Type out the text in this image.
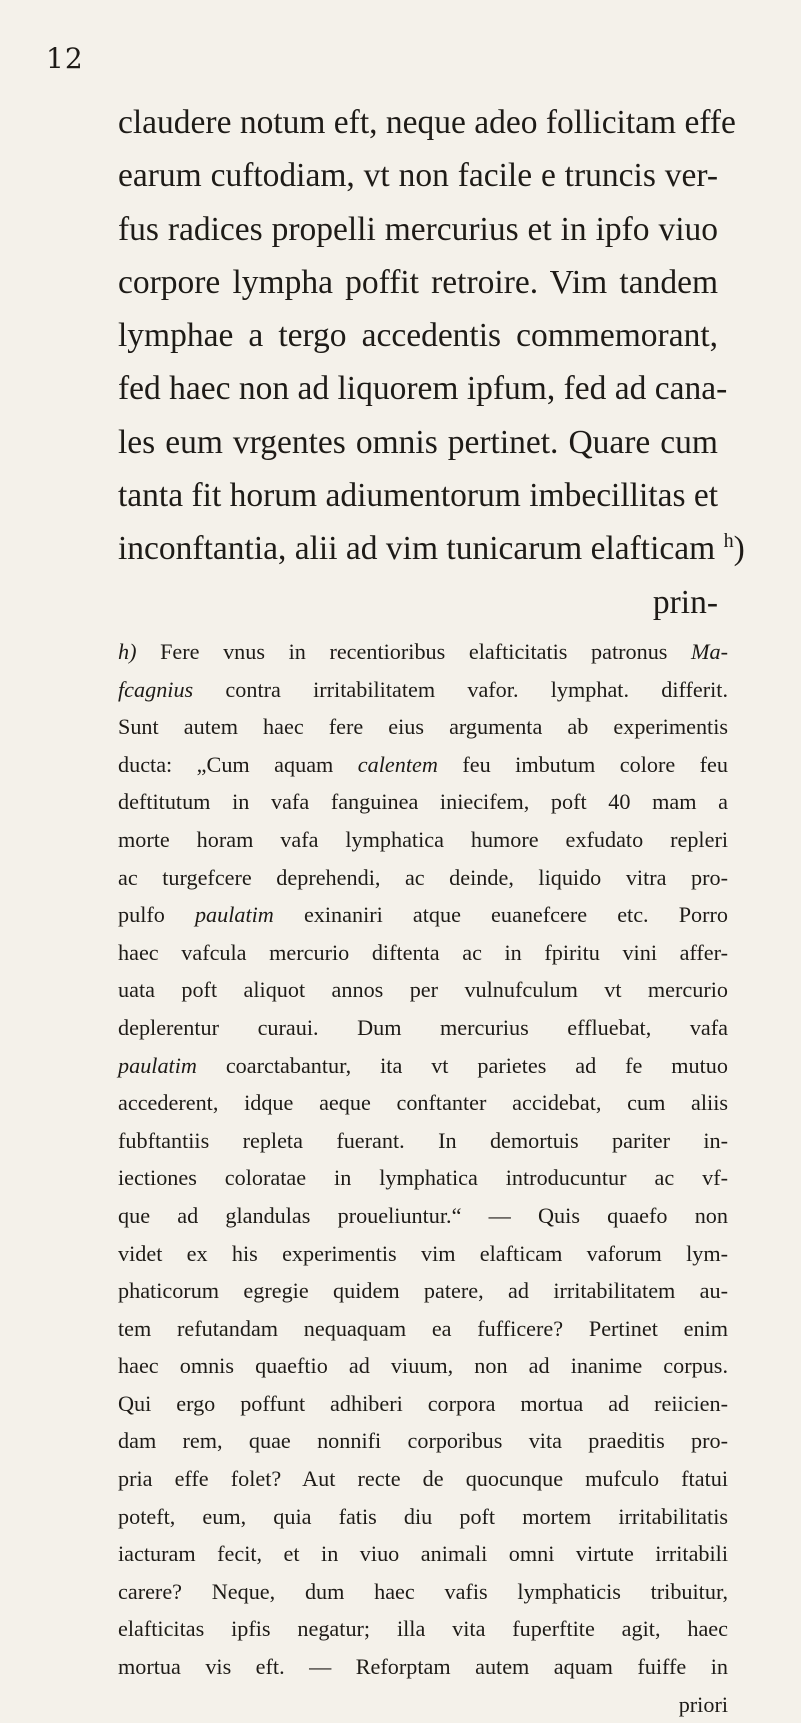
12
claudere notum eft, neque adeo follicitam effe
earum cuftodiam, vt non facile e truncis ver-
fus radices propelli mercurius et in ipfo viuo
corpore lympha poffit retroire. Vim tandem
lymphae a tergo accedentis commemorant,
fed haec non ad liquorem ipfum, fed ad cana-
les eum vrgentes omnis pertinet. Quare cum
tanta fit horum adiumentorum imbecillitas et
inconftantia, alii ad vim tunicarum elafticam $^h$)
prin-
h) Fere vnus in recentioribus elafticitatis patronus Ma-
fcagnius contra irritabilitatem vafor. lymphat. differit.
Sunt autem haec fere eius argumenta ab experimentis
ducta: „Cum aquam calentem feu imbutum colore feu
deftitutum in vafa fanguinea iniecifem, poft 40 mam a
morte horam vafa lymphatica humore exfudato repleri
ac turgefcere deprehendi, ac deinde, liquido vitra pro-
pulfo paulatim exinaniri atque euanefcere etc. Porro
haec vafcula mercurio diftenta ac in fpiritu vini affer-
uata poft aliquot annos per vulnufculum vt mercurio
deplerentur curaui. Dum mercurius effluebat, vafa
paulatim coarctabantur, ita vt parietes ad fe mutuo
accederent, idque aeque conftanter accidebat, cum aliis
fubftantiis repleta fuerant. In demortuis pariter in-
iectiones coloratae in lymphatica introducuntur ac vf-
que ad glandulas proueliuntur.“ — Quis quaefo non
videt ex his experimentis vim elafticam vaforum lym-
phaticorum egregie quidem patere, ad irritabilitatem au-
tem refutandam nequaquam ea fufficere? Pertinet enim
haec omnis quaeftio ad viuum, non ad inanime corpus.
Qui ergo poffunt adhiberi corpora mortua ad reiicien-
dam rem, quae nonnifi corporibus vita praeditis pro-
pria effe folet? Aut recte de quocunque mufculo ftatui
poteft, eum, quia fatis diu poft mortem irritabilitatis
iacturam fecit, et in viuo animali omni virtute irritabili
carere? Neque, dum haec vafis lymphaticis tribuitur,
elafticitas ipfis negatur; illa vita fuperftite agit, haec
mortua vis eft. — Reforptam autem aquam fuiffe in
priori
